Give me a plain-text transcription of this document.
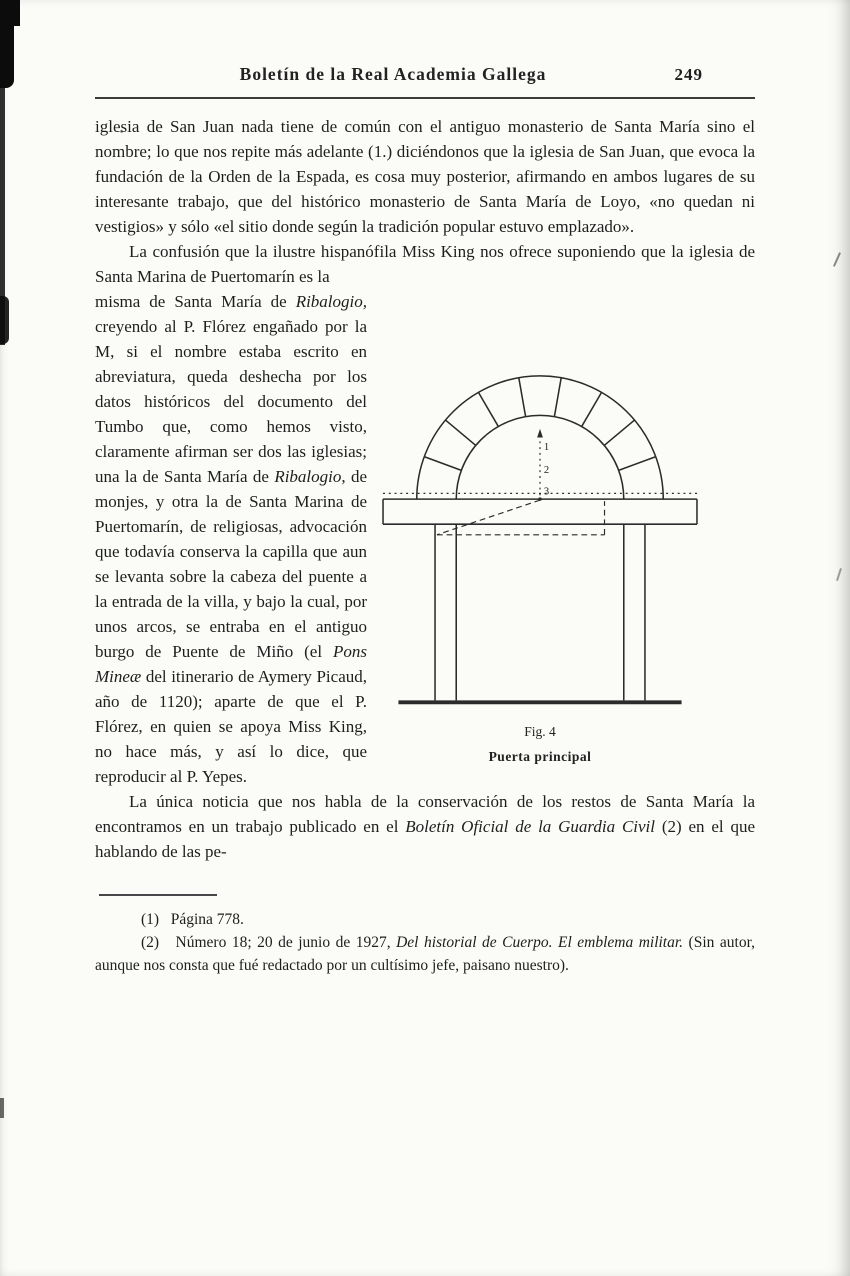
Boletín de la Real Academia Gallega	249

iglesia de San Juan nada tiene de común con el antiguo monasterio de Santa María sino el nombre; lo que nos repite más adelante (1.) diciéndonos que la iglesia de San Juan, que evoca la fundación de la Orden de la Espada, es cosa muy posterior, afirmando en ambos lugares de su interesante trabajo, que del histórico monasterio de Santa María de Loyo, «no quedan ni vestigios» y sólo «el sitio donde según la tradición popular estuvo emplazado».

La confusión que la ilustre hispanófila Miss King nos ofrece suponiendo que la iglesia de Santa Marina de Puertomarín es la

1
2
3
Fig. 4
Puerta principal

misma de Santa María de Ribalogio, creyendo al P. Flórez engañado por la M, si el nombre estaba escrito en abreviatura, queda deshecha por los datos históricos del documento del Tumbo que, como hemos visto, claramente afirman ser dos las iglesias; una la de Santa María de Ribalogio, de monjes, y otra la de Santa Marina de Puertomarín, de religiosas, advocación que todavía conserva la capilla que aun se levanta sobre la cabeza del puente a la entrada de la villa, y bajo la cual, por unos arcos, se entraba en el antiguo burgo de Puente de Miño (el Pons Mineæ del itinerario de Aymery Picaud, año de 1120); aparte de que el P. Flórez, en quien se apoya Miss King, no hace más, y así lo dice, que reproducir al P. Yepes.

La única noticia que nos habla de la conservación de los restos de Santa María la encontramos en un trabajo publicado en el Boletín Oficial de la Guardia Civil (2) en el que hablando de las pe-

(1)   Página 778.

(2)   Número 18; 20 de junio de 1927, Del historial de Cuerpo. El emblema militar. (Sin autor, aunque nos consta que fué redactado por un cultísimo jefe, paisano nuestro).
